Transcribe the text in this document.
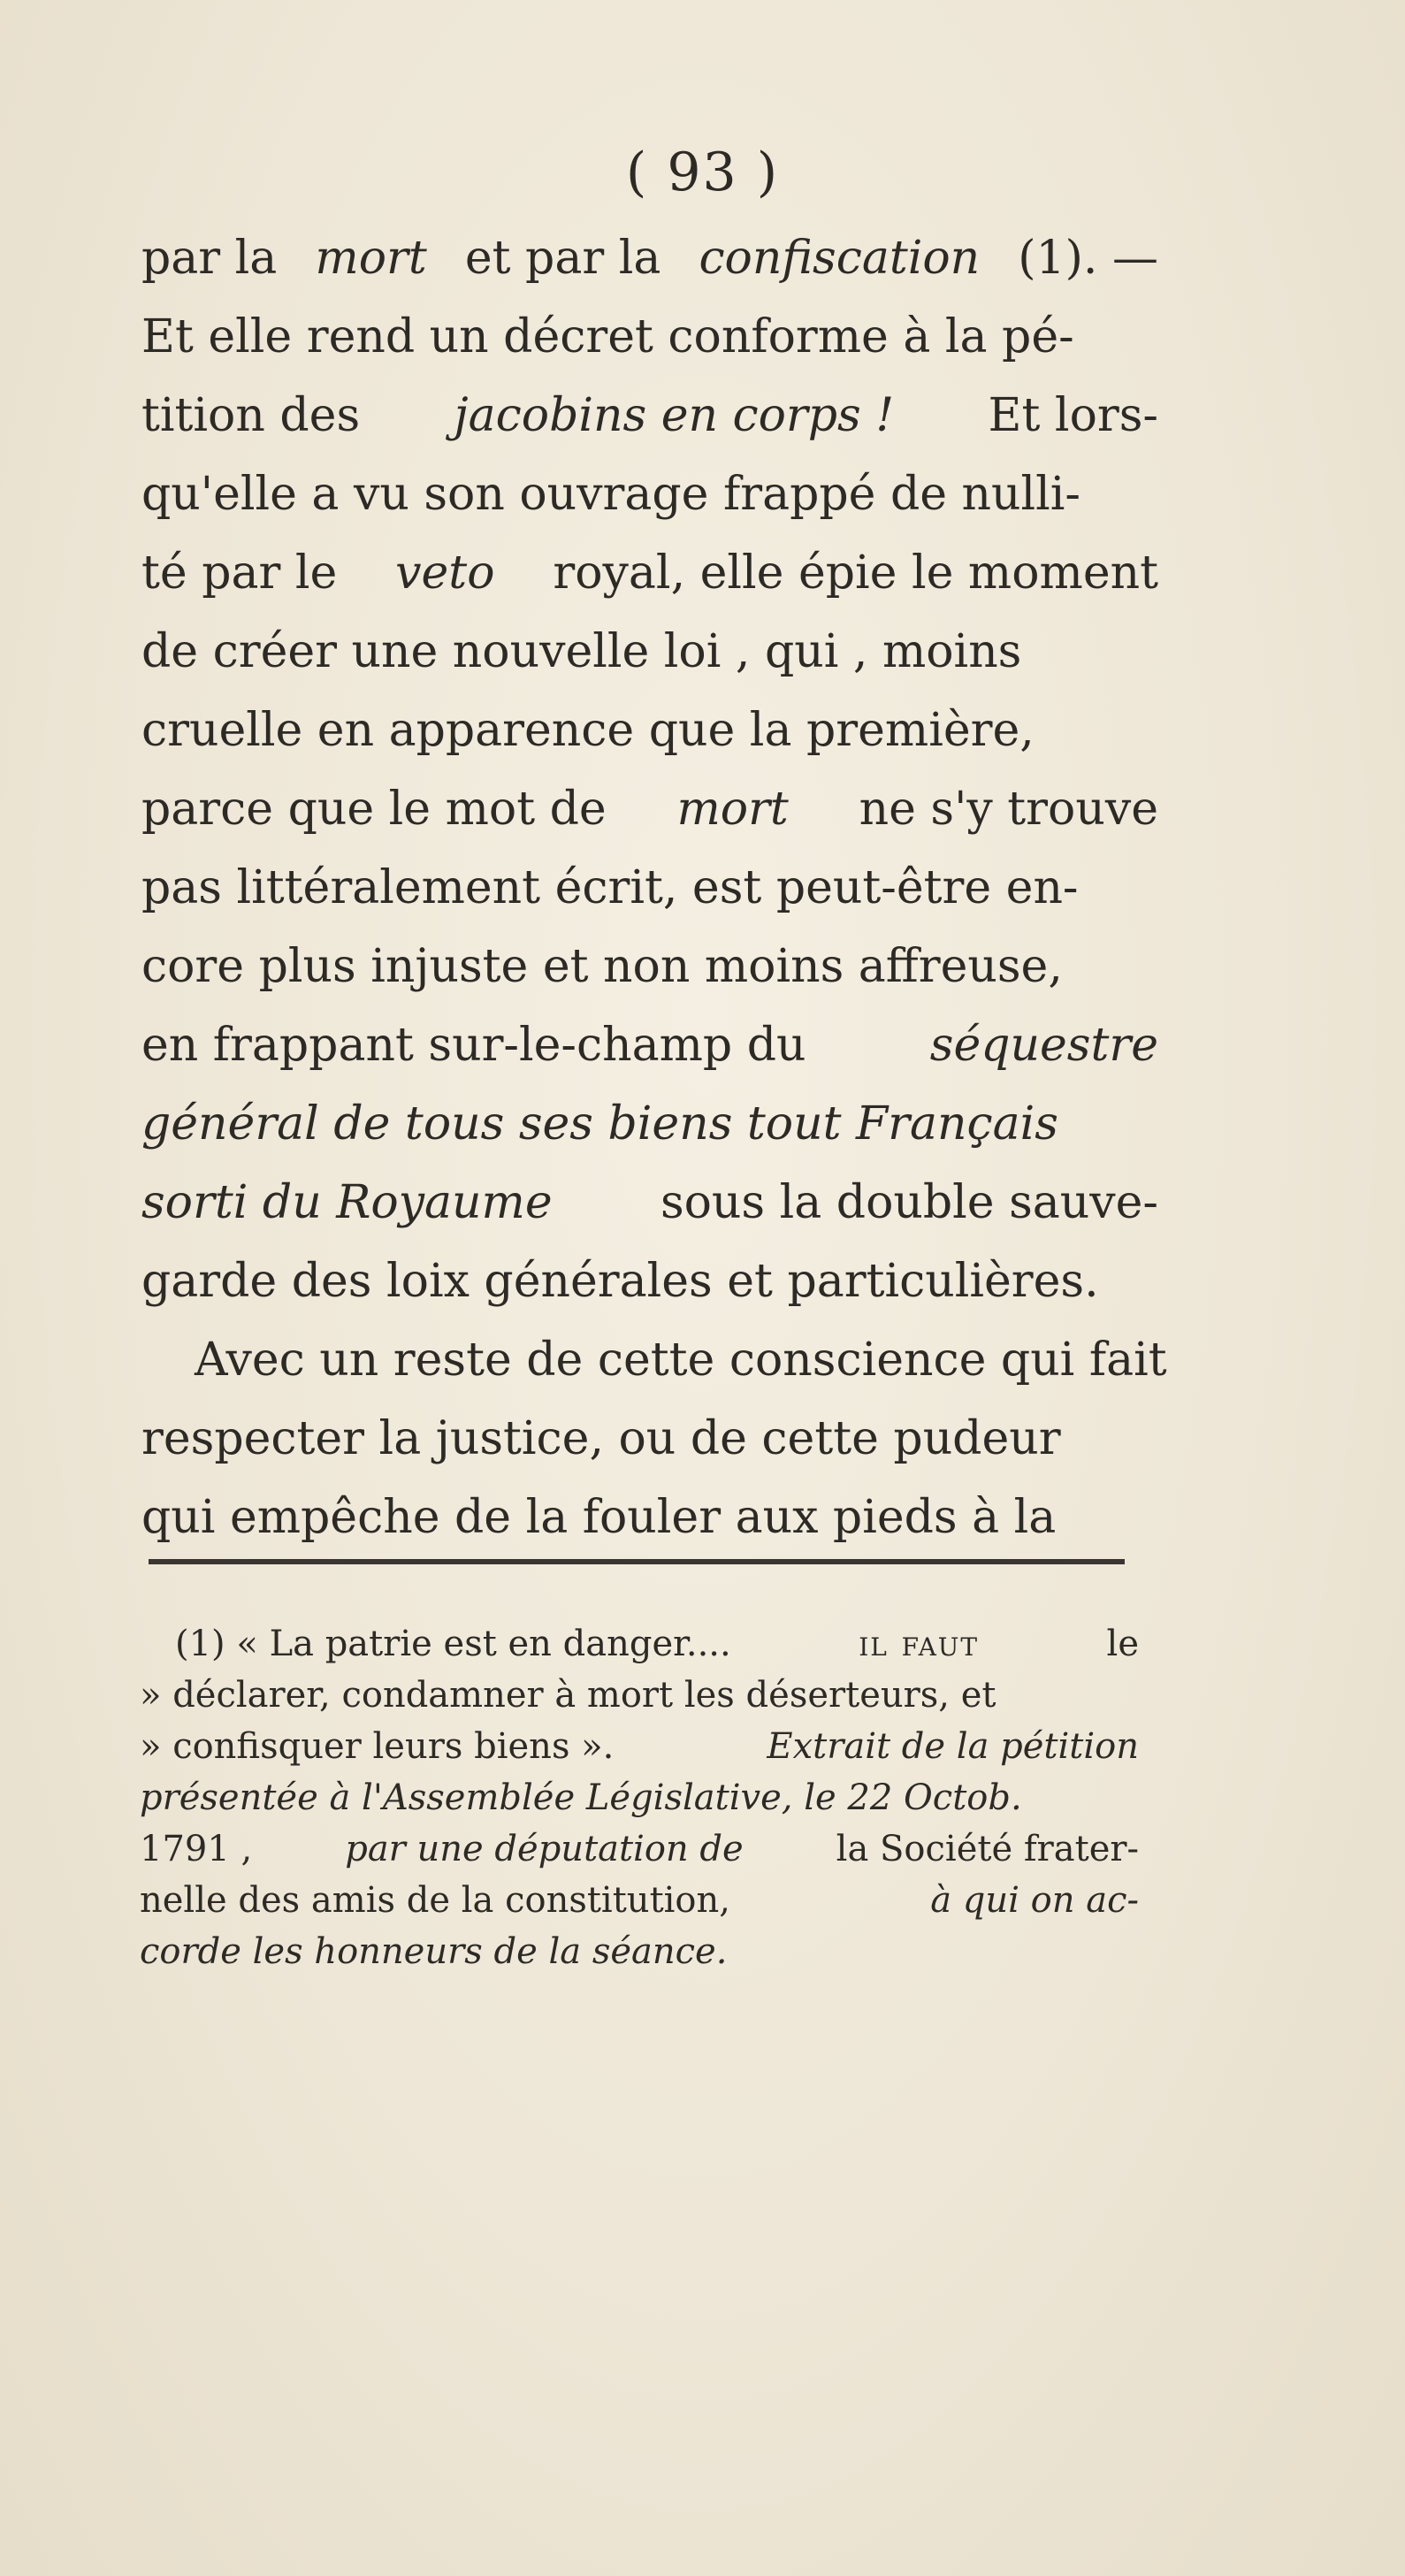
( 93 )
par la mort et par la confiscation (1). —
Et elle rend un décret conforme à la pé-
tition des jacobins en corps ! Et lors-
qu'elle a vu son ouvrage frappé de nulli-
té par le veto royal, elle épie le moment
de créer une nouvelle loi , qui , moins
cruelle en apparence que la première,
parce que le mot de mort ne s'y trouve
pas littéralement écrit, est peut-être en-
core plus injuste et non moins affreuse,
en frappant sur-le-champ du	séquestre
général de tous ses biens tout Français
sorti du Royaume sous la double sauve-
garde des loix générales et particulières.
Avec un reste de cette conscience qui fait
respecter la justice, ou de cette pudeur
qui empêche de la fouler aux pieds à la
(1) « La patrie est en danger....	il faut	le
» déclarer, condamner à mort les déserteurs, et
» confisquer leurs biens ».	Extrait de la pétition
présentée à l'Assemblée Législative, le 22 Octob.
1791 ,	par une députation de	la Société frater-
nelle des amis de la constitution,	à qui on ac-
corde les honneurs de la séance.
